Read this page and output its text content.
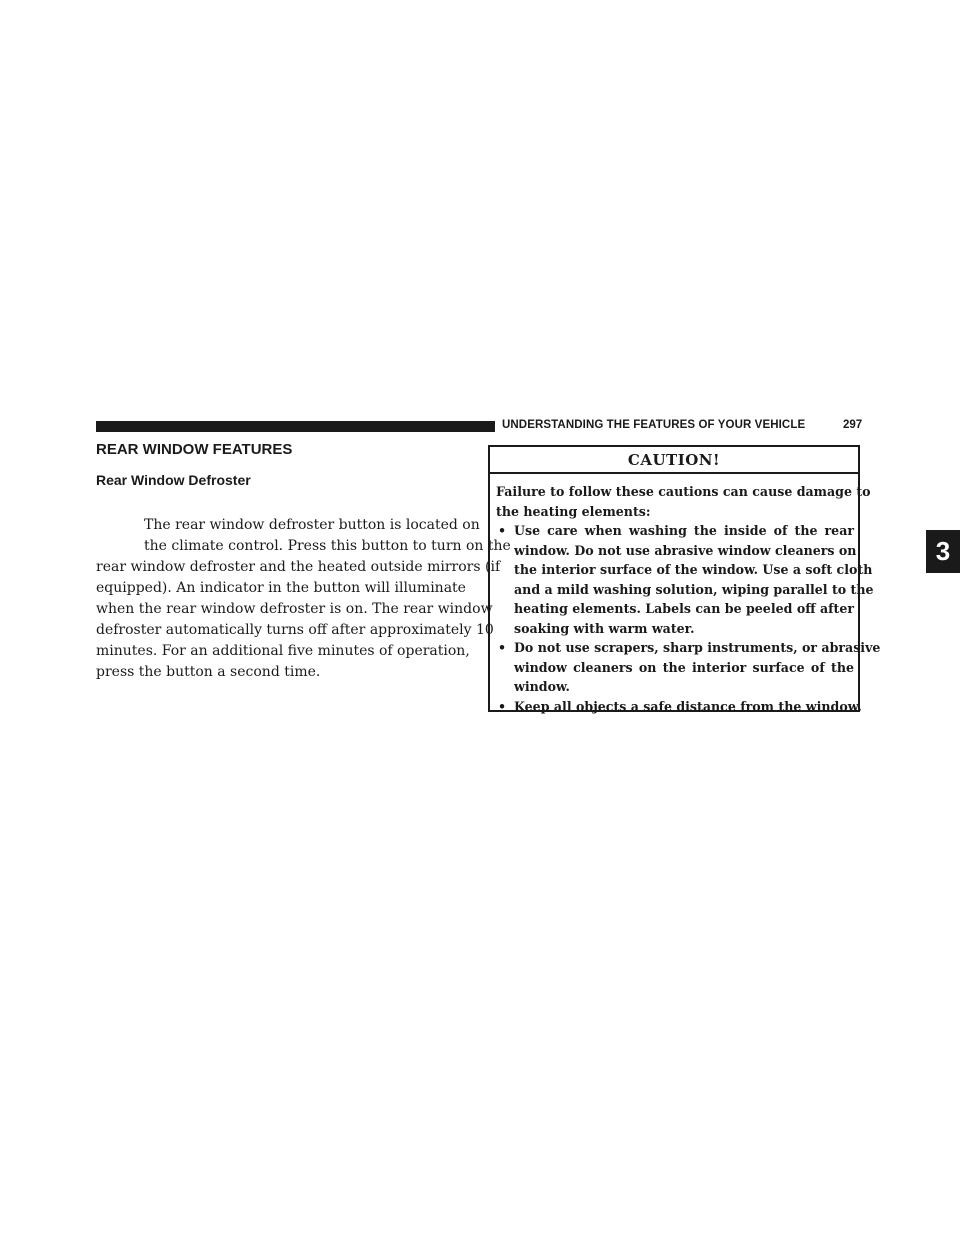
UNDERSTANDING THE FEATURES OF YOUR VEHICLE	297
3
REAR WINDOW FEATURES
Rear Window Defroster
The rear window defroster button is located on
the climate control. Press this button to turn on the
rear window defroster and the heated outside mirrors (if
equipped). An indicator in the button will illuminate
when the rear window defroster is on. The rear window
defroster automatically turns off after approximately 10
minutes. For an additional five minutes of operation,
press the button a second time.
CAUTION!
Failure to follow these cautions can cause damage to
the heating elements:
• Use care when washing the inside of the rear
window. Do not use abrasive window cleaners on
the interior surface of the window. Use a soft cloth
and a mild washing solution, wiping parallel to the
heating elements. Labels can be peeled off after
soaking with warm water.
• Do not use scrapers, sharp instruments, or abrasive
window cleaners on the interior surface of the
window.
• Keep all objects a safe distance from the window.
